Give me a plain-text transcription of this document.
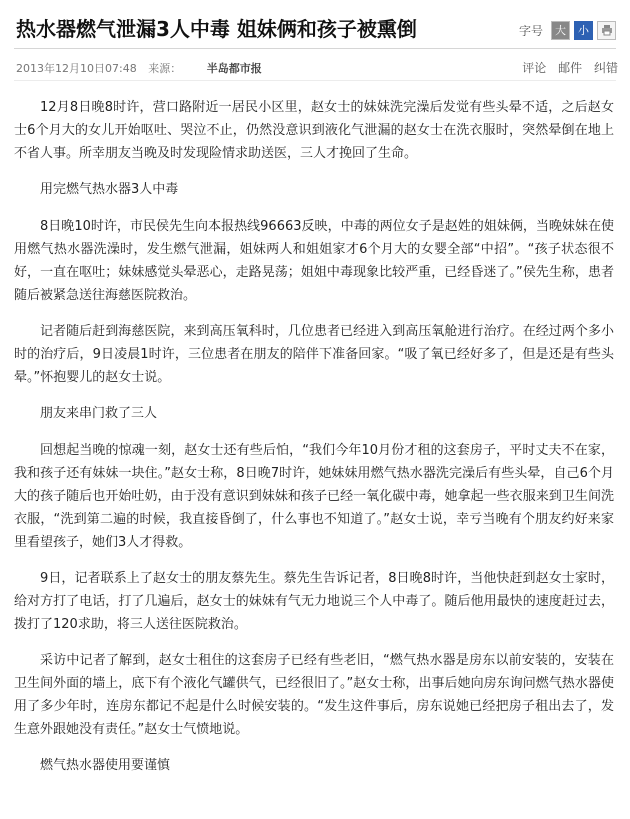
热水器燃气泄漏3人中毒 姐妹俩和孩子被熏倒	字号	大	小
2013年12月10日07:48 来源： 半岛都市报	评论 邮件 纠错

12月8日晚8时许，营口路附近一居民小区里，赵女士的妹妹洗完澡后发觉有些头晕不适，之后赵女士6个月大的女儿开始呕吐、哭泣不止，仍然没意识到液化气泄漏的赵女士在洗衣服时，突然晕倒在地上不省人事。所幸朋友当晚及时发现险情求助送医，三人才挽回了生命。

用完燃气热水器3人中毒

8日晚10时许，市民侯先生向本报热线96663反映，中毒的两位女子是赵姓的姐妹俩，当晚妹妹在使用燃气热水器洗澡时，发生燃气泄漏，姐妹两人和姐姐家才6个月大的女婴全部“中招”。“孩子状态很不好，一直在呕吐；妹妹感觉头晕恶心，走路晃荡；姐姐中毒现象比较严重，已经昏迷了。”侯先生称，患者随后被紧急送往海慈医院救治。

记者随后赶到海慈医院，来到高压氧科时，几位患者已经进入到高压氧舱进行治疗。在经过两个多小时的治疗后，9日凌晨1时许，三位患者在朋友的陪伴下准备回家。“吸了氧已经好多了，但是还是有些头晕。”怀抱婴儿的赵女士说。

朋友来串门救了三人

回想起当晚的惊魂一刻，赵女士还有些后怕，“我们今年10月份才租的这套房子，平时丈夫不在家，我和孩子还有妹妹一块住。”赵女士称，8日晚7时许，她妹妹用燃气热水器洗完澡后有些头晕，自己6个月大的孩子随后也开始吐奶，由于没有意识到妹妹和孩子已经一氧化碳中毒，她拿起一些衣服来到卫生间洗衣服，“洗到第二遍的时候，我直接昏倒了，什么事也不知道了。”赵女士说，幸亏当晚有个朋友约好来家里看望孩子，她们3人才得救。

9日，记者联系上了赵女士的朋友蔡先生。蔡先生告诉记者，8日晚8时许，当他快赶到赵女士家时，给对方打了电话，打了几遍后，赵女士的妹妹有气无力地说三个人中毒了。随后他用最快的速度赶过去，拨打了120求助，将三人送往医院救治。

采访中记者了解到，赵女士租住的这套房子已经有些老旧，“燃气热水器是房东以前安装的，安装在卫生间外面的墙上，底下有个液化气罐供气，已经很旧了。”赵女士称，出事后她向房东询问燃气热水器使用了多少年时，连房东都记不起是什么时候安装的。“发生这件事后，房东说她已经把房子租出去了，发生意外跟她没有责任。”赵女士气愤地说。

燃气热水器使用要谨慎
